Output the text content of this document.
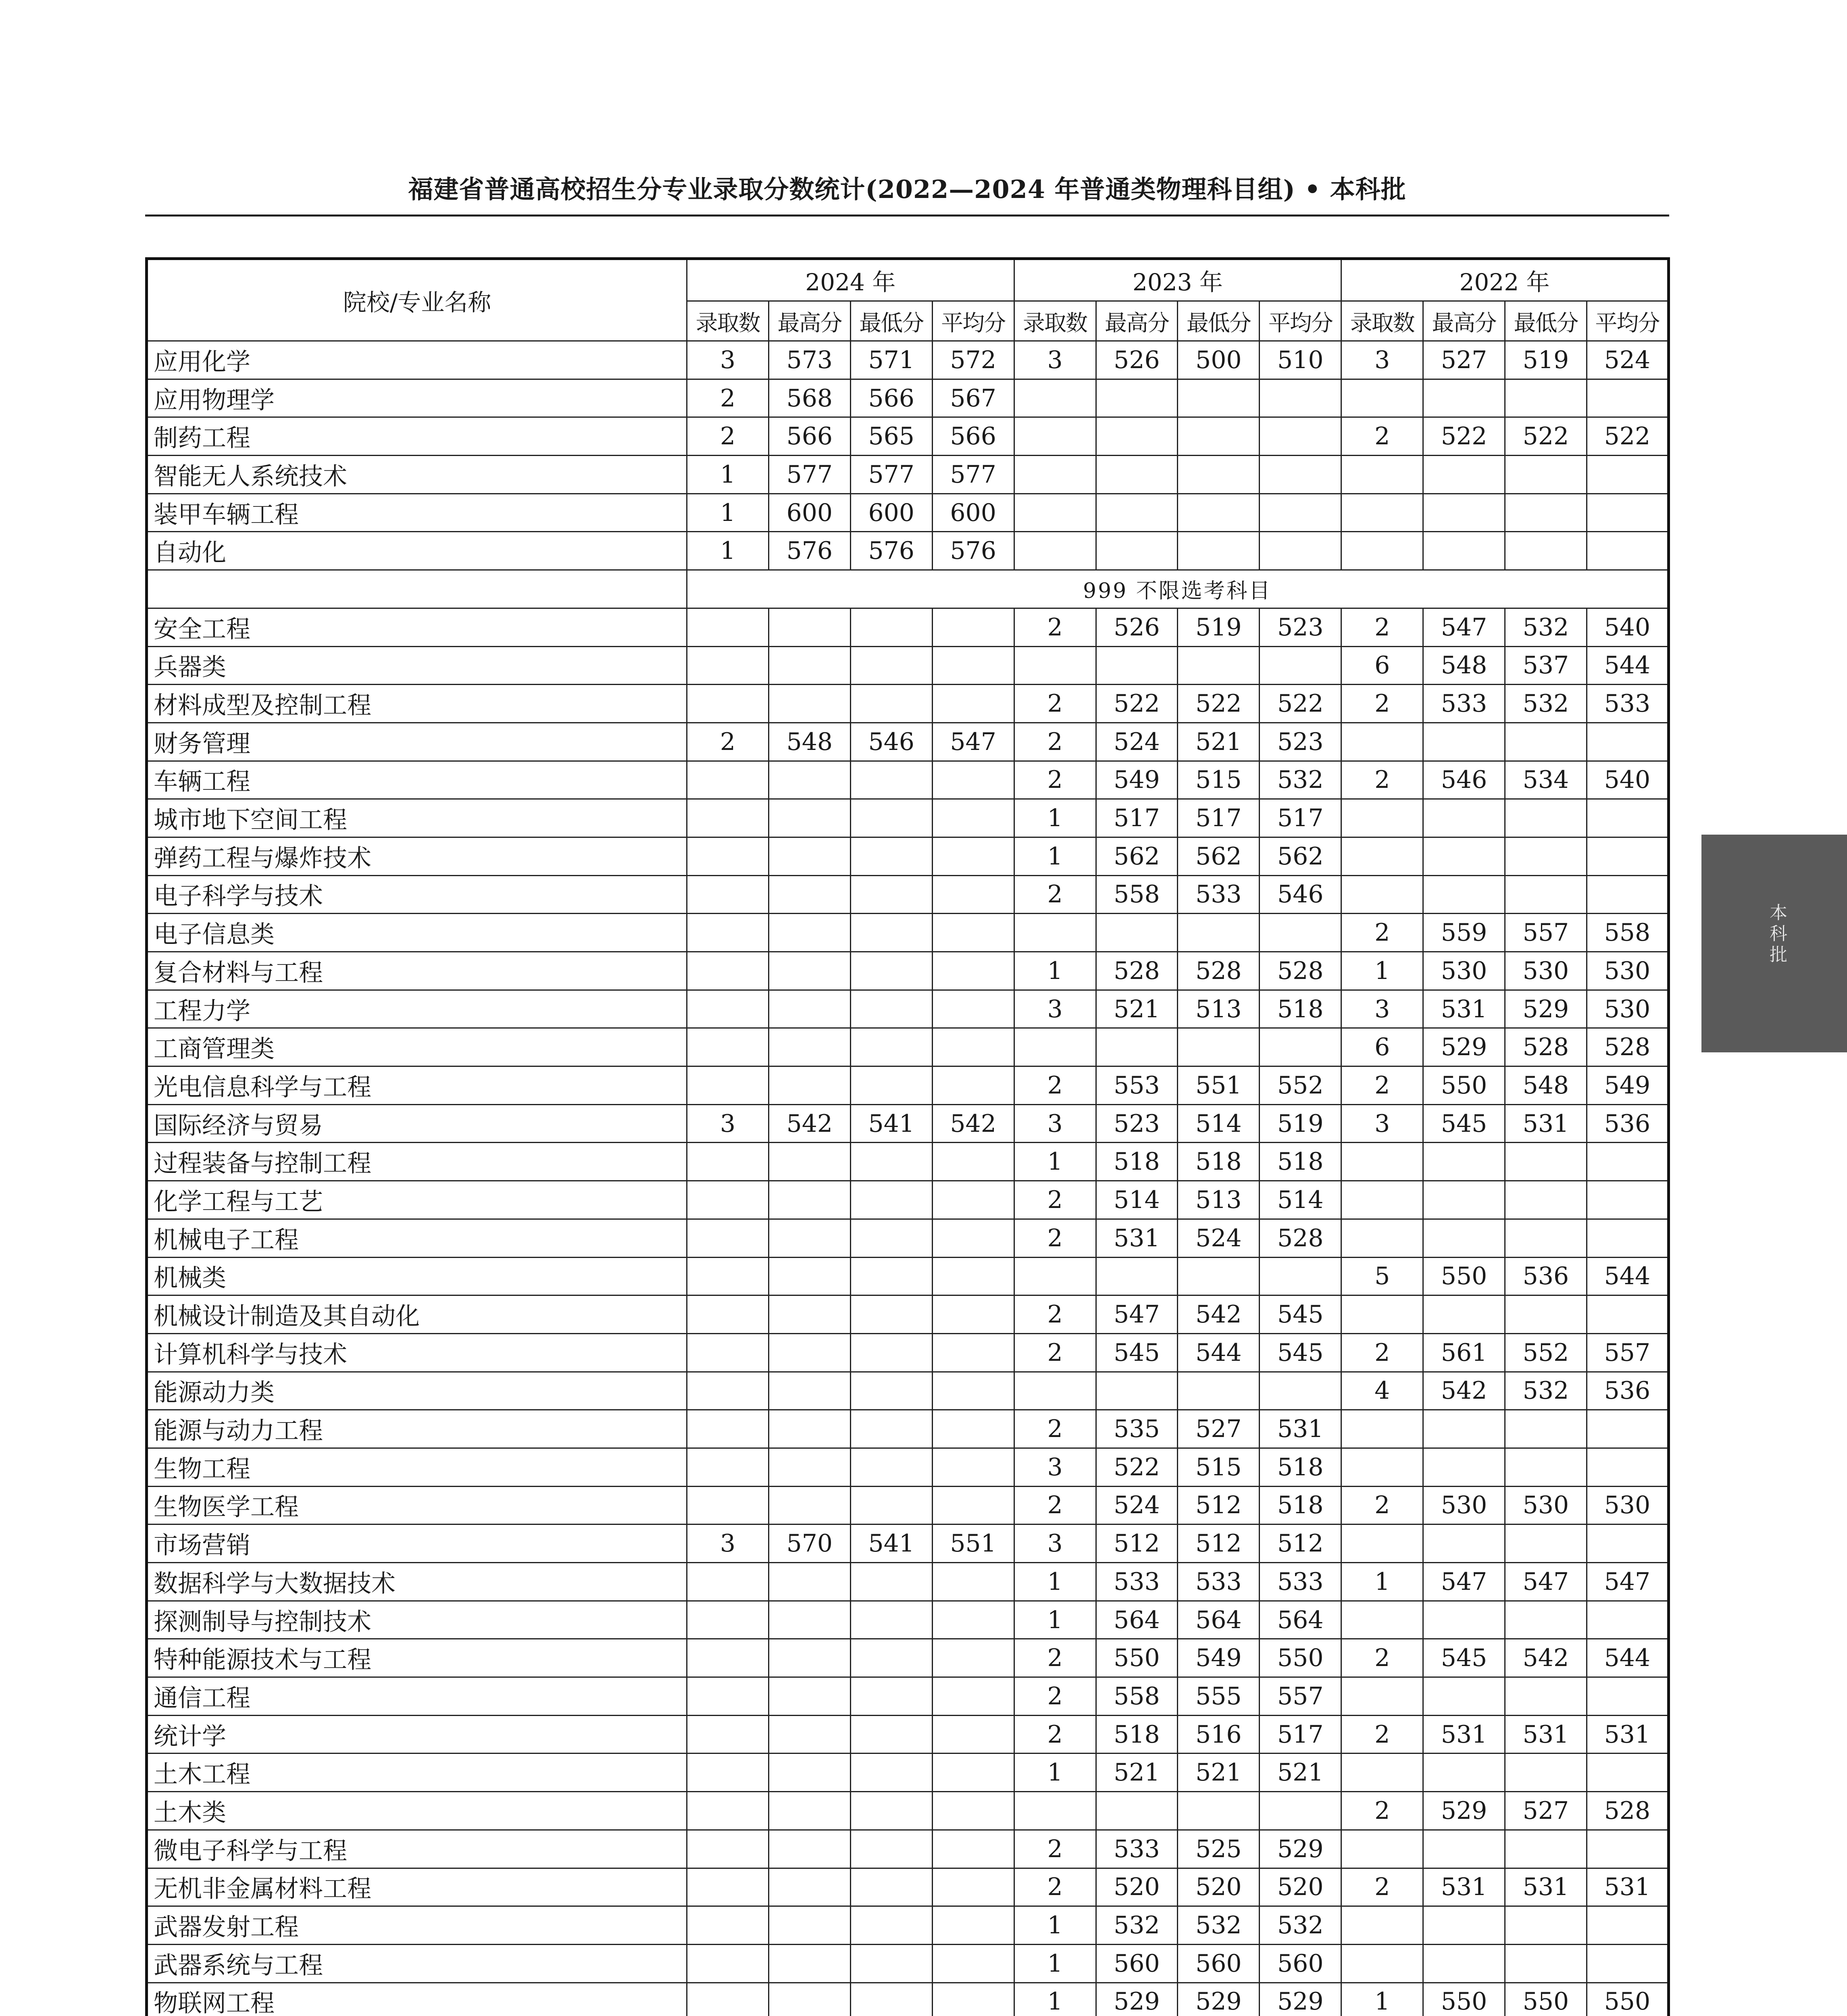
福建省普通高校招生分专业录取分数统计(2022—2024 年普通类物理科目组) • 本科批
院校/专业名称	2024 年				2023 年				2022 年			
	录取数	最高分	最低分	平均分	录取数	最高分	最低分	平均分	录取数	最高分	最低分	平均分
应用化学	3	573	571	572	3	526	500	510	3	527	519	524
应用物理学	2	568	566	567								
制药工程	2	566	565	566					2	522	522	522
智能无人系统技术	1	577	577	577								
装甲车辆工程	1	600	600	600								
自动化	1	576	576	576								
	999 不限选考科目											
安全工程					2	526	519	523	2	547	532	540
兵器类									6	548	537	544
材料成型及控制工程					2	522	522	522	2	533	532	533
财务管理	2	548	546	547	2	524	521	523				
车辆工程					2	549	515	532	2	546	534	540
城市地下空间工程					1	517	517	517				
弹药工程与爆炸技术					1	562	562	562				
电子科学与技术					2	558	533	546				
电子信息类									2	559	557	558
复合材料与工程					1	528	528	528	1	530	530	530
工程力学					3	521	513	518	3	531	529	530
工商管理类									6	529	528	528
光电信息科学与工程					2	553	551	552	2	550	548	549
国际经济与贸易	3	542	541	542	3	523	514	519	3	545	531	536
过程装备与控制工程					1	518	518	518				
化学工程与工艺					2	514	513	514				
机械电子工程					2	531	524	528				
机械类									5	550	536	544
机械设计制造及其自动化					2	547	542	545				
计算机科学与技术					2	545	544	545	2	561	552	557
能源动力类									4	542	532	536
能源与动力工程					2	535	527	531				
生物工程					3	522	515	518				
生物医学工程					2	524	512	518	2	530	530	530
市场营销	3	570	541	551	3	512	512	512				
数据科学与大数据技术					1	533	533	533	1	547	547	547
探测制导与控制技术					1	564	564	564				
特种能源技术与工程					2	550	549	550	2	545	542	544
通信工程					2	558	555	557				
统计学					2	518	516	517	2	531	531	531
土木工程					1	521	521	521				
土木类									2	529	527	528
微电子科学与工程					2	533	525	529				
无机非金属材料工程					2	520	520	520	2	531	531	531
武器发射工程					1	532	532	532				
武器系统与工程					1	560	560	560				
物联网工程					1	529	529	529	1	550	550	550

本科批
